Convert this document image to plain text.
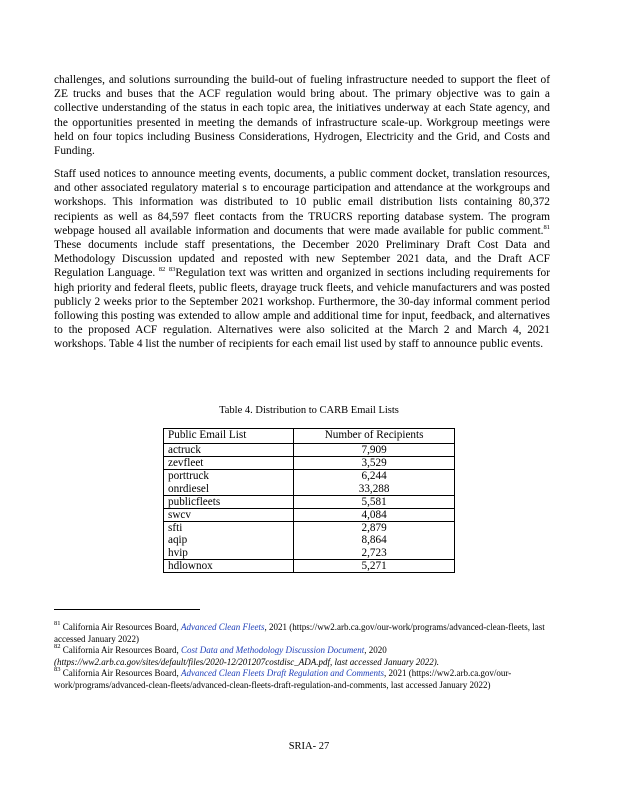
challenges, and solutions surrounding the build-out of fueling infrastructure needed to support the fleet of ZE trucks and buses that the ACF regulation would bring about. The primary objective was to gain a collective understanding of the status in each topic area, the initiatives underway at each State agency, and the opportunities presented in meeting the demands of infrastructure scale-up. Workgroup meetings were held on four topics including Business Considerations, Hydrogen, Electricity and the Grid, and Costs and Funding.

Staff used notices to announce meeting events, documents, a public comment docket, translation resources, and other associated regulatory material s to encourage participation and attendance at the workgroups and workshops. This information was distributed to 10 public email distribution lists containing 80,372 recipients as well as 84,597 fleet contacts from the TRUCRS reporting database system. The program webpage housed all available information and documents that were made available for public comment.$^{81}$ These documents include staff presentations, the December 2020 Preliminary Draft Cost Data and Methodology Discussion updated and reposted with new September 2021 data, and the Draft ACF Regulation Language. $^{82}$ $^{83}$Regulation text was written and organized in sections including requirements for high priority and federal fleets, public fleets, drayage truck fleets, and vehicle manufacturers and was posted publicly 2 weeks prior to the September 2021 workshop. Furthermore, the 30-day informal comment period following this posting was extended to allow ample and additional time for input, feedback, and alternatives to the proposed ACF regulation. Alternatives were also solicited at the March 2 and March 4, 2021 workshops. Table 4 list the number of recipients for each email list used by staff to announce public events.

Table 4. Distribution to CARB Email Lists

Public Email List	Number of Recipients
actruck	7,909
zevfleet	3,529
porttruck	6,244
onrdiesel	33,288
publicfleets	5,581
swcv	4,084
sfti	2,879
aqip	8,864
hvip	2,723
hdlownox	5,271

$^{81}$ California Air Resources Board, Advanced Clean Fleets, 2021 (https://ww2.arb.ca.gov/our-work/programs/advanced-clean-fleets, last accessed January 2022)

$^{82}$ California Air Resources Board, Cost Data and Methodology Discussion Document, 2020
(https://ww2.arb.ca.gov/sites/default/files/2020-12/201207costdisc_ADA.pdf, last accessed January 2022).

$^{83}$ California Air Resources Board, Advanced Clean Fleets Draft Regulation and Comments, 2021 (https://ww2.arb.ca.gov/our-work/programs/advanced-clean-fleets/advanced-clean-fleets-draft-regulation-and-comments, last accessed January 2022)

SRIA- 27
